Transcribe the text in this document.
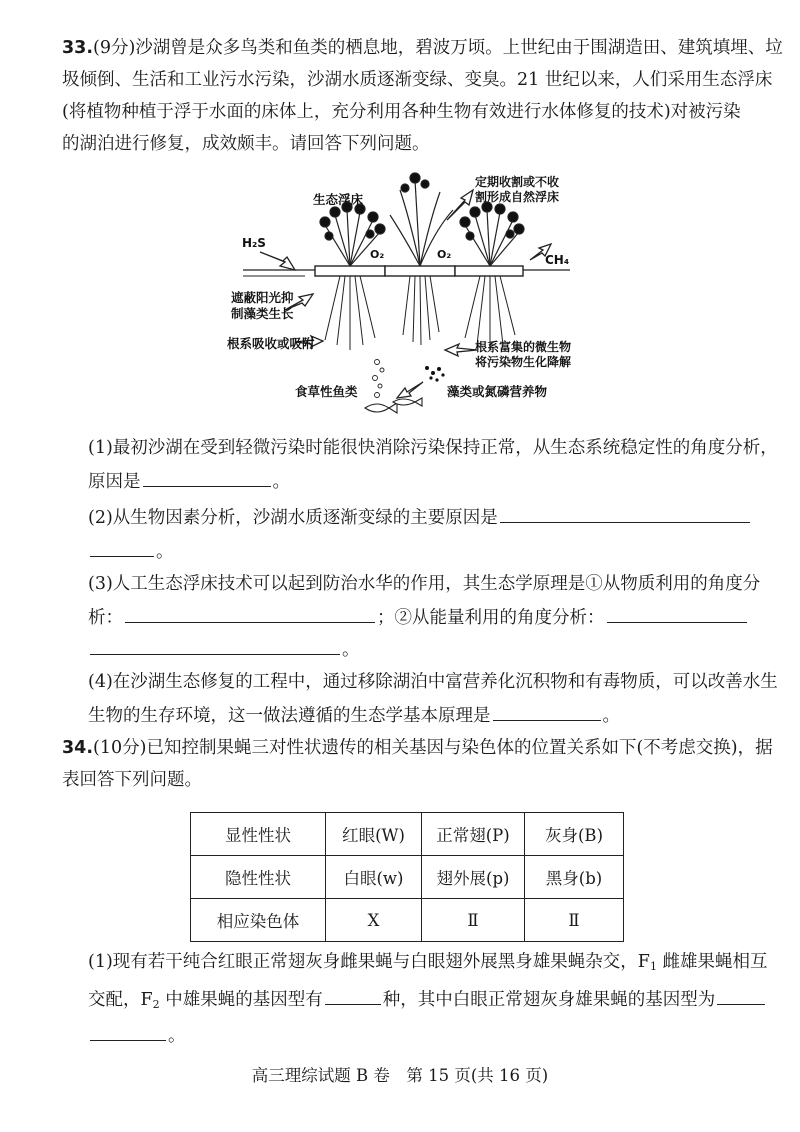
33.(9分)沙湖曾是众多鸟类和鱼类的栖息地，碧波万顷。上世纪由于围湖造田、建筑填埋、垃
圾倾倒、生活和工业污水污染，沙湖水质逐渐变绿、变臭。21 世纪以来，人们采用生态浮床
(将植物种植于浮于水面的床体上，充分利用各种生物有效进行水体修复的技术)对被污染
的湖泊进行修复，成效颇丰。请回答下列问题。
生态浮床
定期收割或不收
割形成自然浮床
H₂S
O₂	O₂	CH₄
遮蔽阳光抑
制藻类生长
根系吸收或吸附	根系富集的微生物
将污染物生化降解
食草性鱼类	藻类或氮磷营养物
(1)最初沙湖在受到轻微污染时能很快消除污染保持正常，从生态系统稳定性的角度分析，
原因是	。
(2)从生物因素分析，沙湖水质逐渐变绿的主要原因是
。
(3)人工生态浮床技术可以起到防治水华的作用，其生态学原理是①从物质利用的角度分
析：	；②从能量利用的角度分析：
。
(4)在沙湖生态修复的工程中，通过移除湖泊中富营养化沉积物和有毒物质，可以改善水生
生物的生存环境，这一做法遵循的生态学基本原理是	。
34.(10分)已知控制果蝇三对性状遗传的相关基因与染色体的位置关系如下(不考虑交换)，据
表回答下列问题。
显性性状	红眼(W)	正常翅(P)	灰身(B)
隐性性状	白眼(w)	翅外展(p)	黑身(b)
相应染色体	X	Ⅱ	Ⅱ
(1)现有若干纯合红眼正常翅灰身雌果蝇与白眼翅外展黑身雄果蝇杂交，$F_1$ 雌雄果蝇相互
交配，$F_2$ 中雄果蝇的基因型有	种，其中白眼正常翅灰身雄果蝇的基因型为
。
高三理综试题 B 卷　第 15 页(共 16 页)
